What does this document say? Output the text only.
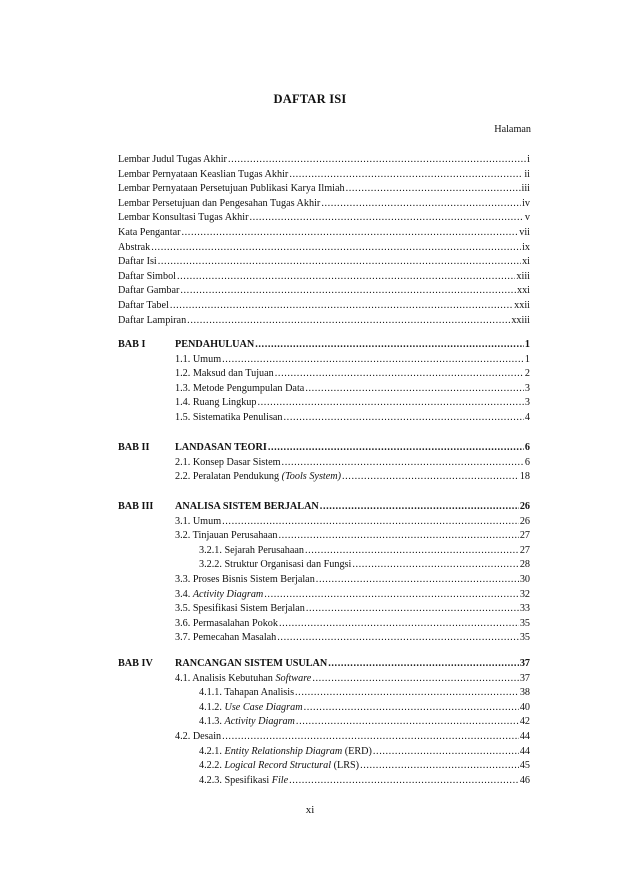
DAFTAR ISI
Halaman
Lembar Judul Tugas Akhir .....	i
Lembar Pernyataan Keaslian Tugas Akhir .....	ii
Lembar Pernyataan Persetujuan Publikasi Karya Ilmiah .....	iii
Lembar Persetujuan dan Pengesahan Tugas Akhir .....	iv
Lembar Konsultasi Tugas Akhir .....	v
Kata Pengantar .....	vii
Abstrak .....	ix
Daftar Isi .....	xi
Daftar Simbol .....	xiii
Daftar Gambar .....	xxi
Daftar Tabel .....	xxii
Daftar Lampiran .....	xxiii
BAB I	PENDAHULUAN .....	1
1.1. Umum .....	1
1.2. Maksud dan Tujuan .....	2
1.3. Metode Pengumpulan Data .....	3
1.4. Ruang Lingkup .....	3
1.5. Sistematika Penulisan .....	4
BAB II	LANDASAN TEORI .....	6
2.1. Konsep Dasar Sistem .....	6
2.2. Peralatan Pendukung (Tools System) .....	18
BAB III ANALISA SISTEM BERJALAN .....	26
3.1. Umum .....	26
3.2. Tinjauan Perusahaan .....	27
3.2.1. Sejarah Perusahaan .....	27
3.2.2. Struktur Organisasi dan Fungsi .....	28
3.3. Proses Bisnis Sistem Berjalan .....	30
3.4. Activity Diagram .....	32
3.5. Spesifikasi Sistem Berjalan .....	33
3.6. Permasalahan Pokok .....	35
3.7. Pemecahan Masalah .....	35
BAB IV RANCANGAN SISTEM USULAN .....	37
4.1. Analisis Kebutuhan Software .....	37
4.1.1. Tahapan Analisis .....	38
4.1.2. Use Case Diagram .....	40
4.1.3. Activity Diagram .....	42
4.2. Desain .....	44
4.2.1. Entity Relationship Diagram (ERD) .....	44
4.2.2. Logical Record Structural (LRS) .....	45
4.2.3. Spesifikasi File .....	46
xi
